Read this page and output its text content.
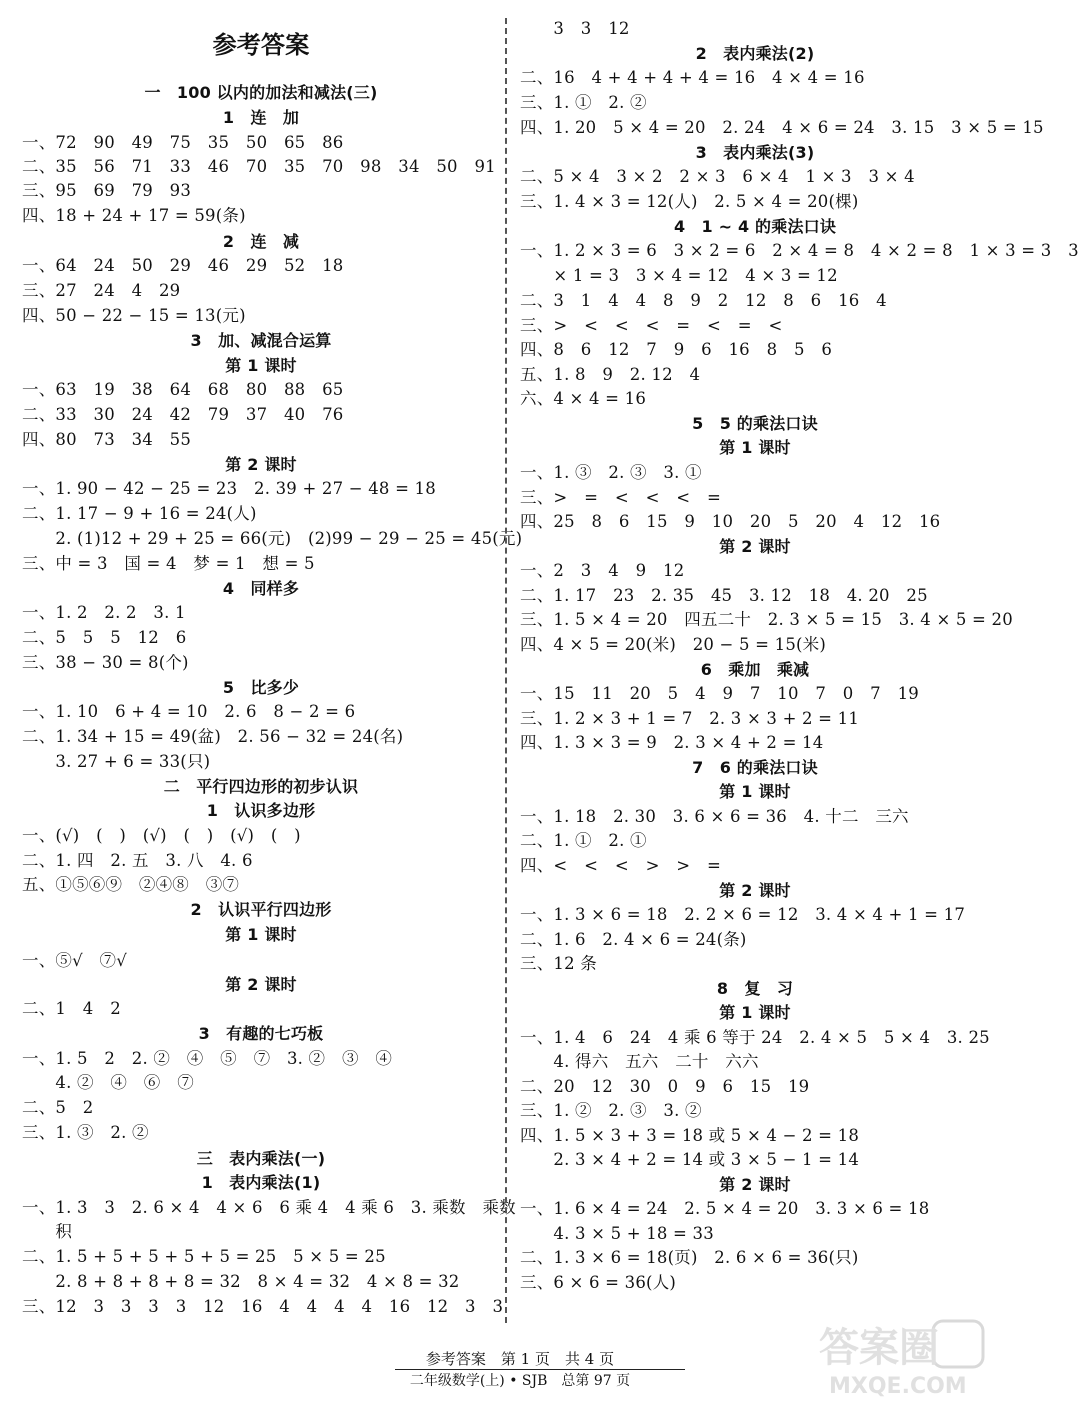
参考答案
一　100 以内的加法和减法(三)
1　连　加
一、72　90　49　75　35　50　65　86
二、35　56　71　33　46　70　35　70　98　34　50　91
三、95　69　79　93
四、18 + 24 + 17 = 59(条)
2　连　减
一、64　24　50　29　46　29　52　18
三、27　24　4　29
四、50 − 22 − 15 = 13(元)
3　加、减混合运算
第 1 课时
一、63　19　38　64　68　80　88　65
二、33　30　24　42　79　37　40　76
四、80　73　34　55
第 2 课时
一、1. 90 − 42 − 25 = 23　2. 39 + 27 − 48 = 18
二、1. 17 − 9 + 16 = 24(人)
　　2. (1)12 + 29 + 25 = 66(元)　(2)99 − 29 − 25 = 45(元)
三、中 = 3　国 = 4　梦 = 1　想 = 5
4　同样多
一、1. 2　2. 2　3. 1
二、5　5　5　12　6
三、38 − 30 = 8(个)
5　比多少
一、1. 10　6 + 4 = 10　2. 6　8 − 2 = 6
二、1. 34 + 15 = 49(盆)　2. 56 − 32 = 24(名)
　　3. 27 + 6 = 33(只)
二　平行四边形的初步认识
1　认识多边形
一、(√)　(　)　(√)　(　)　(√)　(　)
二、1. 四　2. 五　3. 八　4. 6
五、①⑤⑥⑨　②④⑧　③⑦
2　认识平行四边形
第 1 课时
一、⑤√　⑦√
第 2 课时
二、1　4　2
3　有趣的七巧板
一、1. 5　2　2. ②　④　⑤　⑦　3. ②　③　④
　　4. ②　④　⑥　⑦
二、5　2
三、1. ③　2. ②
三　表内乘法(一)
1　表内乘法(1)
一、1. 3　3　2. 6 × 4　4 × 6　6 乘 4　4 乘 6　3. 乘数　乘数
　　积
二、1. 5 + 5 + 5 + 5 + 5 = 25　5 × 5 = 25
　　2. 8 + 8 + 8 + 8 = 32　8 × 4 = 32　4 × 8 = 32
三、12　3　3　3　3　12　16　4　4　4　4　16　12　3　3
　　3　3　12
2　表内乘法(2)
二、16　4 + 4 + 4 + 4 = 16　4 × 4 = 16
三、1. ①　2. ②
四、1. 20　5 × 4 = 20　2. 24　4 × 6 = 24　3. 15　3 × 5 = 15
3　表内乘法(3)
二、5 × 4　3 × 2　2 × 3　6 × 4　1 × 3　3 × 4
三、1. 4 × 3 = 12(人)　2. 5 × 4 = 20(棵)
4　1 ~ 4 的乘法口诀
一、1. 2 × 3 = 6　3 × 2 = 6　2 × 4 = 8　4 × 2 = 8　1 × 3 = 3　3
　　× 1 = 3　3 × 4 = 12　4 × 3 = 12
二、3　1　4　4　8　9　2　12　8　6　16　4
三、>　<　<　<　=　<　=　<
四、8　6　12　7　9　6　16　8　5　6
五、1. 8　9　2. 12　4
六、4 × 4 = 16
5　5 的乘法口诀
第 1 课时
一、1. ③　2. ③　3. ①
三、>　=　<　<　<　=
四、25　8　6　15　9　10　20　5　20　4　12　16
第 2 课时
一、2　3　4　9　12
二、1. 17　23　2. 35　45　3. 12　18　4. 20　25
三、1. 5 × 4 = 20　四五二十　2. 3 × 5 = 15　3. 4 × 5 = 20
四、4 × 5 = 20(米)　20 − 5 = 15(米)
6　乘加　乘减
一、15　11　20　5　4　9　7　10　7　0　7　19
三、1. 2 × 3 + 1 = 7　2. 3 × 3 + 2 = 11
四、1. 3 × 3 = 9　2. 3 × 4 + 2 = 14
7　6 的乘法口诀
第 1 课时
一、1. 18　2. 30　3. 6 × 6 = 36　4. 十二　三六
二、1. ①　2. ①
四、<　<　<　>　>　=
第 2 课时
一、1. 3 × 6 = 18　2. 2 × 6 = 12　3. 4 × 4 + 1 = 17
二、1. 6　2. 4 × 6 = 24(条)
三、12 条
8　复　习
第 1 课时
一、1. 4　6　24　4 乘 6 等于 24　2. 4 × 5　5 × 4　3. 25
　　4. 得六　五六　二十　六六
二、20　12　30　0　9　6　15　19
三、1. ②　2. ③　3. ②
四、1. 5 × 3 + 3 = 18 或 5 × 4 − 2 = 18
　　2. 3 × 4 + 2 = 14 或 3 × 5 − 1 = 14
第 2 课时
一、1. 6 × 4 = 24　2. 5 × 4 = 20　3. 3 × 6 = 18
　　4. 3 × 5 + 18 = 33
二、1. 3 × 6 = 18(页)　2. 6 × 6 = 36(只)
三、6 × 6 = 36(人)
参考答案　第 1 页　共 4 页
二年级数学(上) • SJB　总第 97 页
答案圈
MXQE.COM
